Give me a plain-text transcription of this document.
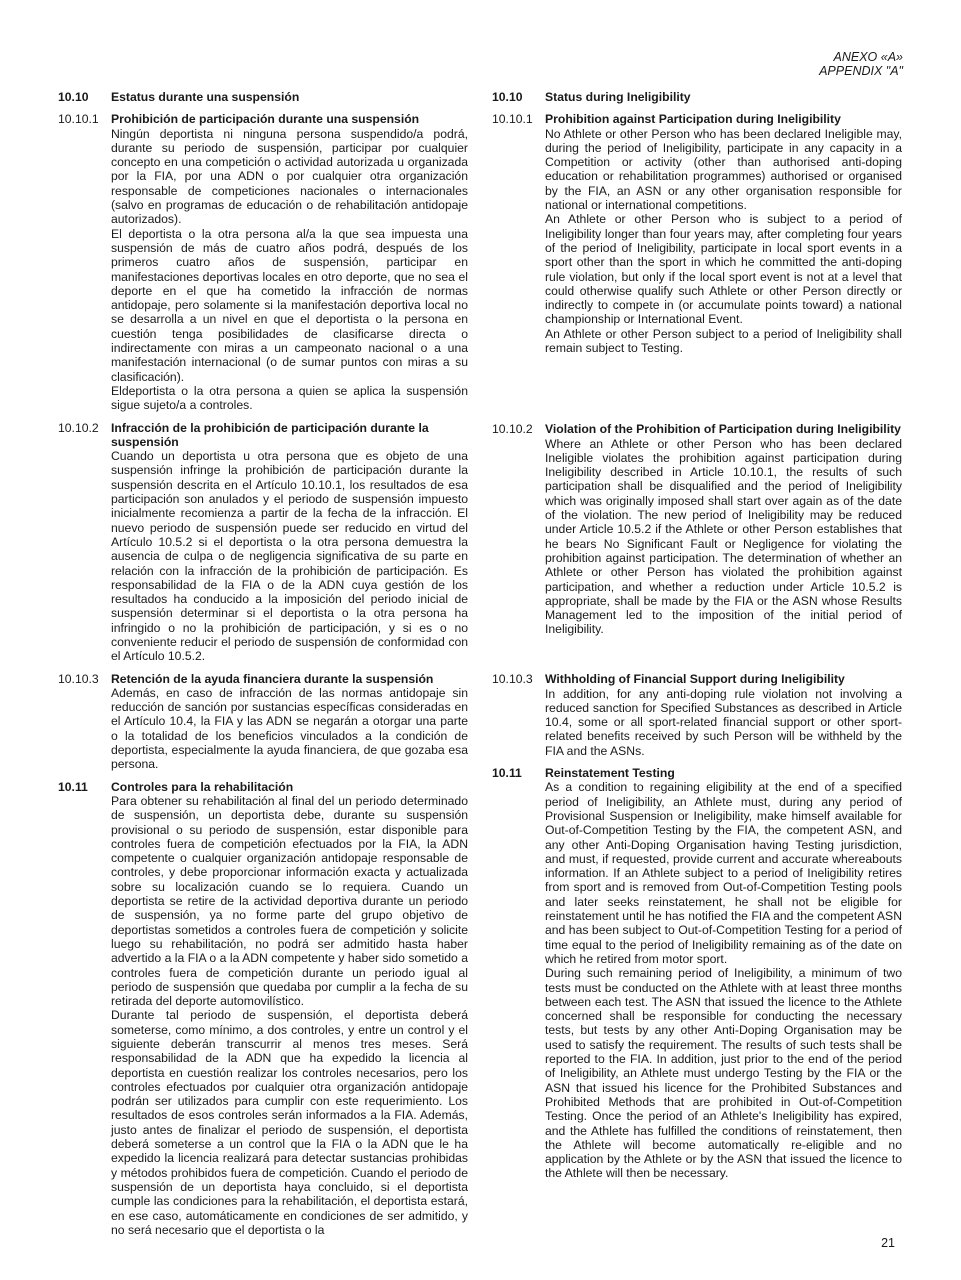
ANEXO «A»
APPENDIX "A"
10.10 Estatus durante una suspensión
10.10.1 Prohibición de participación durante una suspensión
Ningún deportista ni ninguna persona suspendido/a podrá, durante su periodo de suspensión, participar por cualquier concepto en una competición o actividad autorizada u organizada por la FIA, por una ADN o por cualquier otra organización responsable de competiciones nacionales o internacionales (salvo en programas de educación o de rehabilitación antidopaje autorizados).
El deportista o la otra persona al/a la que sea impuesta una suspensión de más de cuatro años podrá, después de los primeros cuatro años de suspensión, participar en manifestaciones deportivas locales en otro deporte, que no sea el deporte en el que ha cometido la infracción de normas antidopaje, pero solamente si la manifestación deportiva local no se desarrolla a un nivel en que el deportista o la persona en cuestión tenga posibilidades de clasificarse directa o indirectamente con miras a un campeonato nacional o a una manifestación internacional (o de sumar puntos con miras a su clasificación).
Eldeportista o la otra persona a quien se aplica la suspensión sigue sujeto/a a controles.
10.10.2 Infracción de la prohibición de participación durante la suspensión
Cuando un deportista u otra persona que es objeto de una suspensión infringe la prohibición de participación durante la suspensión descrita en el Artículo 10.10.1, los resultados de esa participación son anulados y el periodo de suspensión impuesto inicialmente recomienza a partir de la fecha de la infracción. El nuevo periodo de suspensión puede ser reducido en virtud del Artículo 10.5.2 si el deportista o la otra persona demuestra la ausencia de culpa o de negligencia significativa de su parte en relación con la infracción de la prohibición de participación. Es responsabilidad de la FIA o de la ADN cuya gestión de los resultados ha conducido a la imposición del periodo inicial de suspensión determinar si el deportista o la otra persona ha infringido o no la prohibición de participación, y si es o no conveniente reducir el periodo de suspensión de conformidad con el Artículo 10.5.2.
10.10.3 Retención de la ayuda financiera durante la suspensión
Además, en caso de infracción de las normas antidopaje sin reducción de sanción por sustancias específicas consideradas en el Artículo 10.4, la FIA y las ADN se negarán a otorgar una parte o la totalidad de los beneficios vinculados a la condición de deportista, especialmente la ayuda financiera, de que gozaba esa persona.
10.11 Controles para la rehabilitación
Para obtener su rehabilitación al final del un periodo determinado de suspensión, un deportista debe, durante su suspensión provisional o su periodo de suspensión, estar disponible para controles fuera de competición efectuados por la FIA, la ADN competente o cualquier organización antidopaje responsable de controles, y debe proporcionar información exacta y actualizada sobre su localización cuando se lo requiera. Cuando un deportista se retire de la actividad deportiva durante un periodo de suspensión, ya no forme parte del grupo objetivo de deportistas sometidos a controles fuera de competición y solicite luego su rehabilitación, no podrá ser admitido hasta haber advertido a la FIA o a la ADN competente y haber sido sometido a controles fuera de competición durante un periodo igual al periodo de suspensión que quedaba por cumplir a la fecha de su retirada del deporte automovilístico.
Durante tal periodo de suspensión, el deportista deberá someterse, como mínimo, a dos controles, y entre un control y el siguiente deberán transcurrir al menos tres meses. Será responsabilidad de la ADN que ha expedido la licencia al deportista en cuestión realizar los controles necesarios, pero los controles efectuados por cualquier otra organización antidopaje podrán ser utilizados para cumplir con este requerimiento. Los resultados de esos controles serán informados a la FIA. Además, justo antes de finalizar el periodo de suspensión, el deportista deberá someterse a un control que la FIA o la ADN que le ha expedido la licencia realizará para detectar sustancias prohibidas y métodos prohibidos fuera de competición. Cuando el periodo de suspensión de un deportista haya concluido, si el deportista cumple las condiciones para la rehabilitación, el deportista estará, en ese caso, automáticamente en condiciones de ser admitido, y no será necesario que el deportista o la
10.10 Status during Ineligibility
10.10.1 Prohibition against Participation during Ineligibility
No Athlete or other Person who has been declared Ineligible may, during the period of Ineligibility, participate in any capacity in a Competition or activity (other than authorised anti-doping education or rehabilitation programmes) authorised or organised by the FIA, an ASN or any other organisation responsible for national or international competitions.
An Athlete or other Person who is subject to a period of Ineligibility longer than four years may, after completing four years of the period of Ineligibility, participate in local sport events in a sport other than the sport in which he committed the anti-doping rule violation, but only if the local sport event is not at a level that could otherwise qualify such Athlete or other Person directly or indirectly to compete in (or accumulate points toward) a national championship or International Event.
An Athlete or other Person subject to a period of Ineligibility shall remain subject to Testing.
10.10.2 Violation of the Prohibition of Participation during Ineligibility
Where an Athlete or other Person who has been declared Ineligible violates the prohibition against participation during Ineligibility described in Article 10.10.1, the results of such participation shall be disqualified and the period of Ineligibility which was originally imposed shall start over again as of the date of the violation. The new period of Ineligibility may be reduced under Article 10.5.2 if the Athlete or other Person establishes that he bears No Significant Fault or Negligence for violating the prohibition against participation. The determination of whether an Athlete or other Person has violated the prohibition against participation, and whether a reduction under Article 10.5.2 is appropriate, shall be made by the FIA or the ASN whose Results Management led to the imposition of the initial period of Ineligibility.
10.10.3 Withholding of Financial Support during Ineligibility
In addition, for any anti-doping rule violation not involving a reduced sanction for Specified Substances as described in Article 10.4, some or all sport-related financial support or other sport-related benefits received by such Person will be withheld by the FIA and the ASNs.
10.11 Reinstatement Testing
As a condition to regaining eligibility at the end of a specified period of Ineligibility, an Athlete must, during any period of Provisional Suspension or Ineligibility, make himself available for Out-of-Competition Testing by the FIA, the competent ASN, and any other Anti-Doping Organisation having Testing jurisdiction, and must, if requested, provide current and accurate whereabouts information. If an Athlete subject to a period of Ineligibility retires from sport and is removed from Out-of-Competition Testing pools and later seeks reinstatement, he shall not be eligible for reinstatement until he has notified the FIA and the competent ASN and has been subject to Out-of-Competition Testing for a period of time equal to the period of Ineligibility remaining as of the date on which he retired from motor sport.
During such remaining period of Ineligibility, a minimum of two tests must be conducted on the Athlete with at least three months between each test. The ASN that issued the licence to the Athlete concerned shall be responsible for conducting the necessary tests, but tests by any other Anti-Doping Organisation may be used to satisfy the requirement. The results of such tests shall be reported to the FIA. In addition, just prior to the end of the period of Ineligibility, an Athlete must undergo Testing by the FIA or the ASN that issued his licence for the Prohibited Substances and Prohibited Methods that are prohibited in Out-of-Competition Testing. Once the period of an Athlete's Ineligibility has expired, and the Athlete has fulfilled the conditions of reinstatement, then the Athlete will become automatically re-eligible and no application by the Athlete or by the ASN that issued the licence to the Athlete will then be necessary.
21
